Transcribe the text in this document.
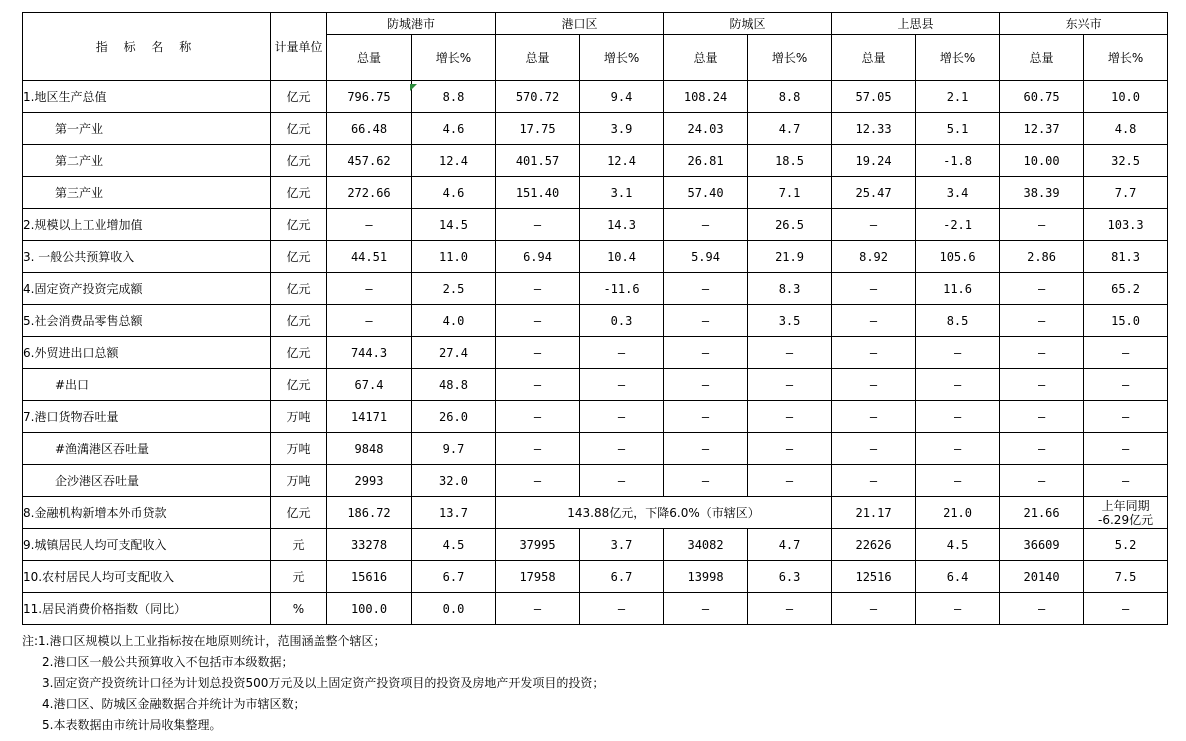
指 标 名 称	计量单位	防城港市		港口区		防城区		上思县		东兴市	
		总量	增长%	总量	增长%	总量	增长%	总量	增长%	总量	增长%
1.地区生产总值	亿元	796.75	8.8	570.72	9.4	108.24	8.8	57.05	2.1	60.75	10.0
第一产业	亿元	66.48	4.6	17.75	3.9	24.03	4.7	12.33	5.1	12.37	4.8
第二产业	亿元	457.62	12.4	401.57	12.4	26.81	18.5	19.24	-1.8	10.00	32.5
第三产业	亿元	272.66	4.6	151.40	3.1	57.40	7.1	25.47	3.4	38.39	7.7
2.规模以上工业增加值	亿元	—	14.5	—	14.3	—	26.5	—	-2.1	—	103.3
3. 一般公共预算收入	亿元	44.51	11.0	6.94	10.4	5.94	21.9	8.92	105.6	2.86	81.3
4.固定资产投资完成额	亿元	—	2.5	—	-11.6	—	8.3	—	11.6	—	65.2
5.社会消费品零售总额	亿元	—	4.0	—	0.3	—	3.5	—	8.5	—	15.0
6.外贸进出口总额	亿元	744.3	27.4	—	—	—	—	—	—	—	—
#出口	亿元	67.4	48.8	—	—	—	—	—	—	—	—
7.港口货物吞吐量	万吨	14171	26.0	—	—	—	—	—	—	—	—
#渔澫港区吞吐量	万吨	9848	9.7	—	—	—	—	—	—	—	—
企沙港区吞吐量	万吨	2993	32.0	—	—	—	—	—	—	—	—
8.金融机构新增本外币贷款	亿元	186.72	13.7	143.88亿元，下降6.0%（市辖区）				21.17	21.0	21.66	上年同期
-6.29亿元

9.城镇居民人均可支配收入	元	33278	4.5	37995	3.7	34082	4.7	22626	4.5	36609	5.2
10.农村居民人均可支配收入	元	15616	6.7	17958	6.7	13998	6.3	12516	6.4	20140	7.5
11.居民消费价格指数（同比）	%	100.0	0.0	—	—	—	—	—	—	—	—
注:1.港口区规模以上工业指标按在地原则统计，范围涵盖整个辖区；
2.港口区一般公共预算收入不包括市本级数据；
3.固定资产投资统计口径为计划总投资500万元及以上固定资产投资项目的投资及房地产开发项目的投资；
4.港口区、防城区金融数据合并统计为市辖区数；
5.本表数据由市统计局收集整理。
